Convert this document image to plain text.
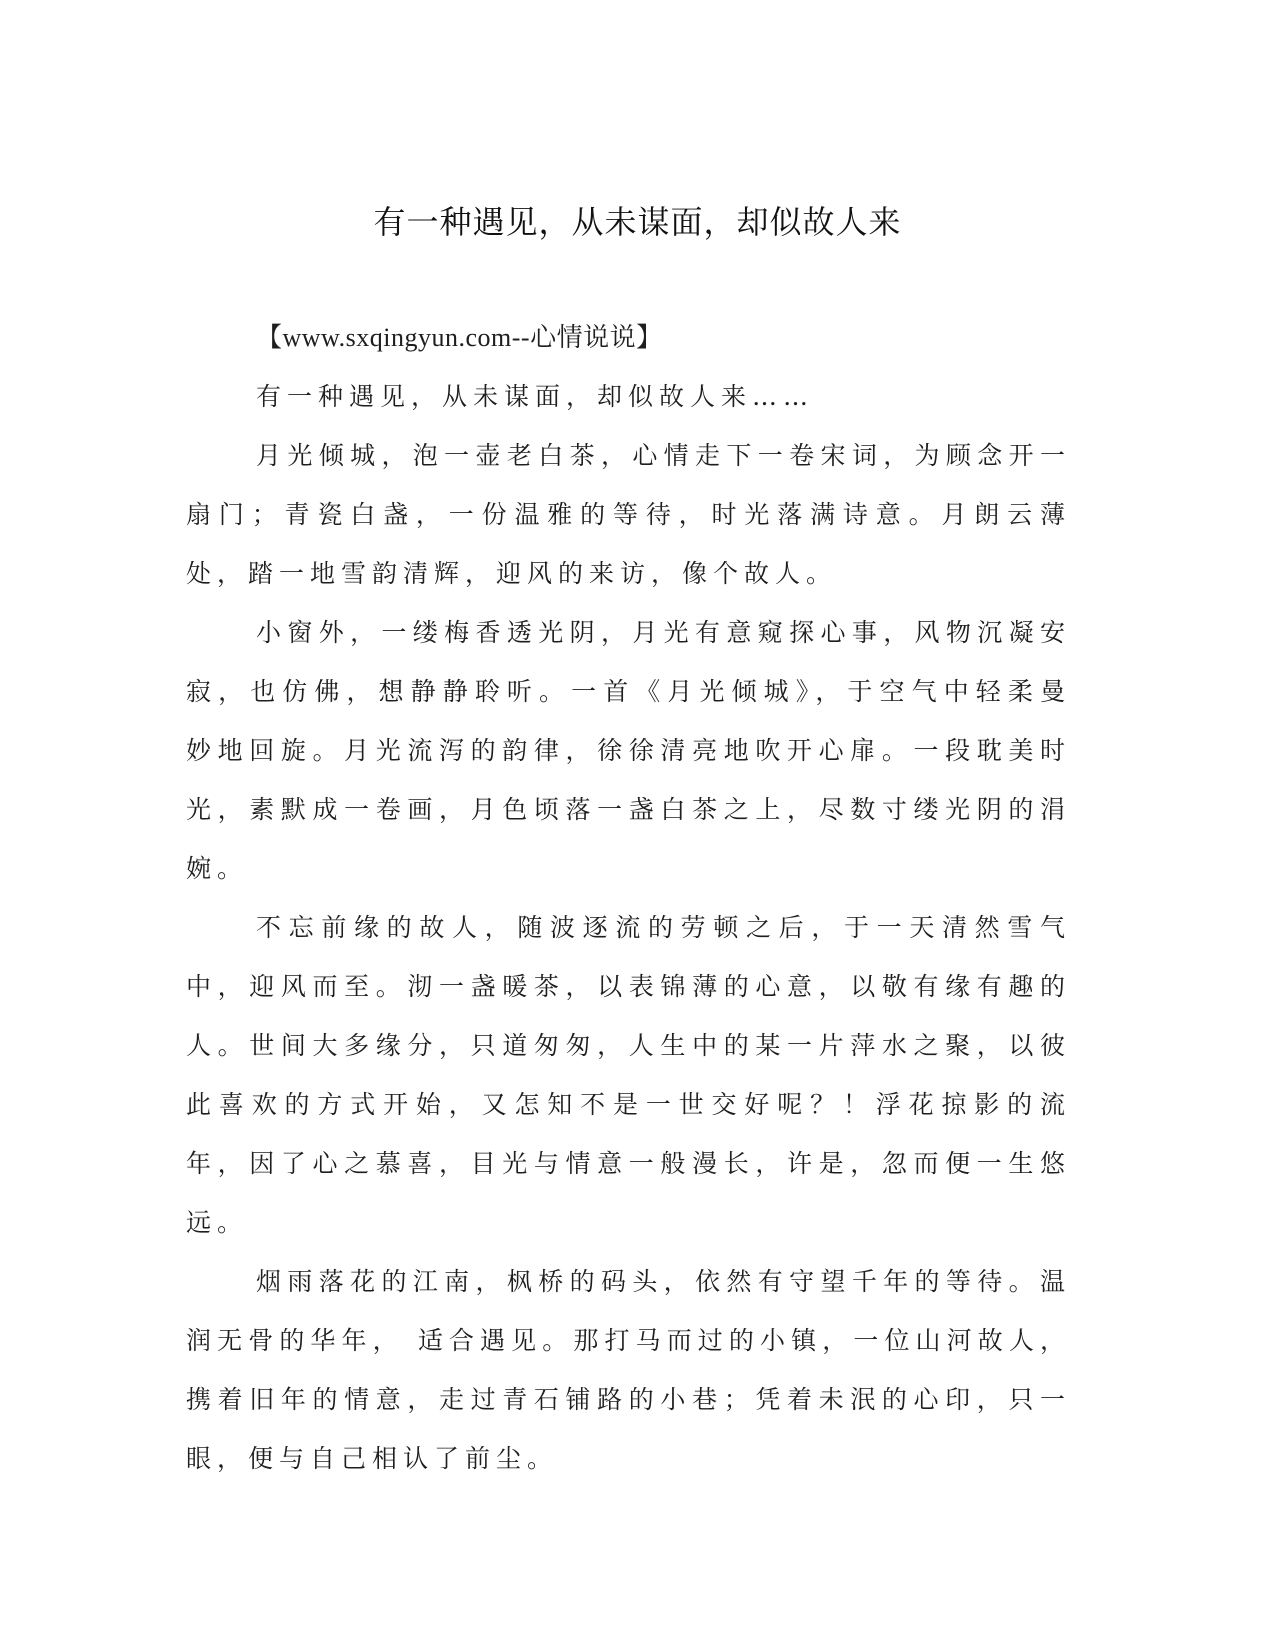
有一种遇见，从未谋面，却似故人来

【www.sxqingyun.com--心情说说】

有一种遇见，从未谋面，却似故人来……

月光倾城，泡一壶老白茶，心情走下一卷宋词，为顾念开一扇门；青瓷白盏，一份温雅的等待，时光落满诗意。月朗云薄处，踏一地雪韵清辉，迎风的来访，像个故人。

小窗外，一缕梅香透光阴，月光有意窥探心事，风物沉凝安寂，也仿佛，想静静聆听。一首《月光倾城》，于空气中轻柔曼妙地回旋。月光流泻的韵律，徐徐清亮地吹开心扉。一段耽美时光，素默成一卷画，月色顷落一盏白茶之上，尽数寸缕光阴的涓婉。

不忘前缘的故人，随波逐流的劳顿之后，于一天清然雪气中，迎风而至。沏一盏暖茶，以表锦薄的心意，以敬有缘有趣的人。世间大多缘分，只道匆匆，人生中的某一片萍水之聚，以彼此喜欢的方式开始，又怎知不是一世交好呢？！浮花掠影的流年，因了心之慕喜，目光与情意一般漫长，许是，忽而便一生悠远。

烟雨落花的江南，枫桥的码头，依然有守望千年的等待。温润无骨的华年， 适合遇见。那打马而过的小镇，一位山河故人，携着旧年的情意，走过青石铺路的小巷；凭着未泯的心印，只一眼，便与自己相认了前尘。
